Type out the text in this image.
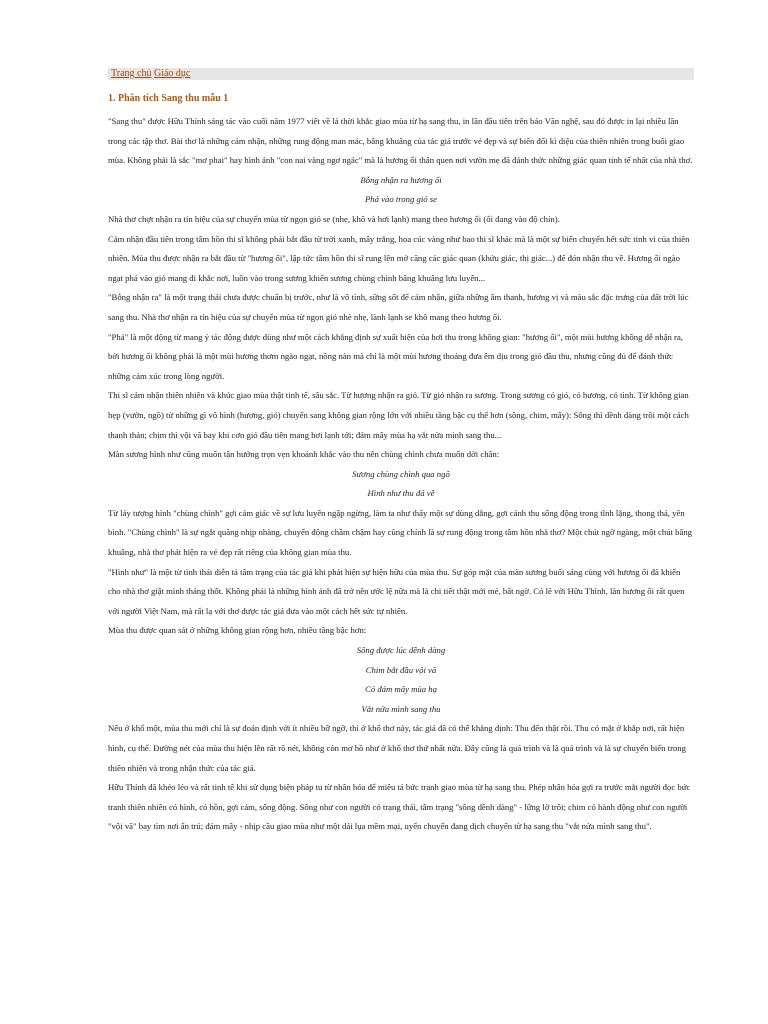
Trang chủ Giáo dục
1. Phân tích Sang thu mẫu 1

"Sang thu" được Hữu Thỉnh sáng tác vào cuối năm 1977 viết về lá thời khắc giao mùa từ hạ sang thu, in lần đầu tiên trên báo Văn nghệ, sau đó được in lại nhiều lần trong các tập thơ. Bài thơ là những cảm nhận, những rung động man mác, bâng khuâng của tác giả trước vẻ đẹp và sự biến đổi kì diệu của thiên nhiên trong buổi giao mùa. Không phải là sắc "mơ phai" hay hình ảnh "con nai vàng ngơ ngác" mà là hương ổi thân quen nơi vườn mẹ đã đánh thức những giác quan tinh tế nhất của nhà thơ.

Bỗng nhận ra hương ổi

Phả vào trong gió se

Nhà thơ chợt nhận ra tín hiệu của sự chuyển mùa từ ngọn gió se (nhẹ, khô và hơi lạnh) mang theo hương ổi (ổi đang vào độ chín).

Cảm nhận đầu tiên trong tâm hồn thi sĩ không phải bắt đầu từ trời xanh, mây trắng, hoa cúc vàng như bao thi sĩ khác mà là một sự biến chuyển hết sức tinh vi của thiên nhiên. Mùa thu được nhận ra bắt đầu từ "hương ổi", lập tức tâm hồn thi sĩ rung lên mở căng các giác quan (khứu giác, thị giác...) để đón nhận thu về. Hương ổi ngào ngạt phả vào gió mang đi khắc nơi, luồn vào trong sương khiến sương chùng chình bâng khuâng lưu luyến...

"Bỗng nhận ra" là một trạng thái chưa được chuẩn bị trước, như là vô tình, sững sốt để cảm nhận, giữa những âm thanh, hương vị và màu sắc đặc trưng của đất trời lúc sang thu. Nhà thơ nhận ra tín hiệu của sự chuyển mùa từ ngọn gió nhè nhẹ, lành lạnh se khô mang theo hương ổi.

"Phả" là một động từ mang ý tác động được dùng như một cách khẳng định sự xuất hiện của hơi thu trong không gian: "hương ổi", một mùi hương không dễ nhận ra, bởi hương ổi không phải là một mùi hương thơm ngào ngạt, nồng nàn mà chỉ là một mùi hương thoảng đưa êm dịu trong gió đầu thu, nhưng cũng đủ để đánh thức những cảm xúc trong lòng người.

Thi sĩ cảm nhận thiên nhiên và khúc giao mùa thật tinh tế, sâu sắc. Từ hương nhận ra gió. Từ gió nhận ra sương. Trong sương có gió, có hương, có tình. Từ không gian hẹp (vườn, ngõ) từ những gì vô hình (hương, gió) chuyển sang không gian rộng lớn với nhiều tầng bậc cụ thể hơn (sông, chim, mây): Sông thì dềnh dàng trôi một cách thanh thản; chim thì vội vã bay khi cơn gió đầu tiên mang hơi lạnh tới; đám mây mùa hạ vắt nửa mình sang thu...

Màn sương hình như cũng muốn tận hưởng trọn vẹn khoảnh khắc vào thu nên chùng chình chưa muốn dời chân:

Sương chùng chình qua ngõ

Hình như thu đã về

Từ láy tượng hình "chùng chình" gợi cảm giác về sự lưu luyến ngập ngừng, làm ta như thấy một sự dùng dằng, gợi cảnh thu sống động trong tĩnh lặng, thong thả, yên bình. "Chùng chình" là sự ngắt quãng nhịp nhàng, chuyển động chầm chậm hay cũng chính là sự rung động trong tâm hồn nhà thơ? Một chút ngỡ ngàng, một chút bâng khuâng, nhà thơ phát hiện ra vẻ đẹp rất riêng của không gian mùa thu.

"Hình như" là một từ tình thái diễn tả tâm trạng của tác giả khi phát hiện sự hiện hữu của mùa thu. Sự góp mặt của màn sương buổi sáng cùng với hương ổi đã khiến cho nhà thơ giật mình thảng thốt. Không phải là những hình ảnh đã trở nên ước lệ nữa mà là chi tiết thật mới mẻ, bất ngờ. Có lẽ với Hữu Thỉnh, làn hương ổi rất quen với người Việt Nam, mà rất lạ với thơ được tác giả đưa vào một cách hết sức tự nhiên.

Mùa thu được quan sát ở những không gian rộng hơn, nhiều tầng bậc hơn:

Sông được lúc dềnh dàng

Chim bắt đầu vội vã

Có đám mây mùa hạ

Vắt nửa mình sang thu

Nếu ở khổ một, mùa thu mới chỉ là sự đoán định với ít nhiều bỡ ngỡ, thì ở khổ thơ này, tác giả đã có thể khẳng định: Thu đến thật rồi. Thu có mặt ở khắp nơi, rất hiện hình, cụ thể. Đường nét của mùa thu hiện lên rất rõ nét, không còn mơ hồ như ở khổ thơ thứ nhất nữa. Đây cũng là quá trình và là quá trình và là sự chuyển biến trong thiên nhiên và trong nhận thức của tác giả.

Hữu Thỉnh đã khéo léo và rất tinh tế khi sử dụng biện pháp tu từ nhân hóa để miêu tả bức tranh giao mùa từ hạ sang thu. Phép nhân hóa gợi ra trước mắt người đọc bức tranh thiên nhiên có hình, có hồn, gợi cảm, sống động. Sông như con người có trạng thái, tâm trạng "sông dềnh dàng" - lững lờ trôi; chim có hành động như con người "vội vã" bay tìm nơi ẩn trú; đám mây - nhịp cầu giao mùa như một dải lụa mềm mại, uyển chuyển đang dịch chuyển từ hạ sang thu "vắt nửa mình sang thu".
